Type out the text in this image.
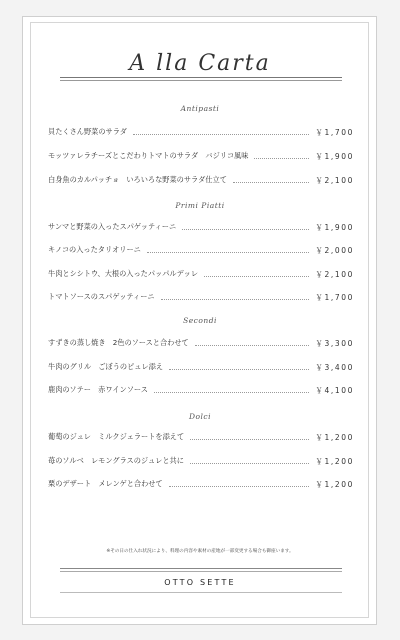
A lla Carta
Antipasti
貝たくさん野菜のサラダ	￥1,700
モッツァレラチーズとこだわりトマトのサラダ　バジリコ風味	￥1,900
白身魚のカルパッチョ　いろいろな野菜のサラダ仕立て	￥2,100
Primi Piatti
サンマと野菜の入ったスパゲッティーニ	￥1,900
キノコの入ったタリオリーニ	￥2,000
牛肉とシシトウ、大根の入ったパッパルデッレ	￥2,100
トマトソースのスパゲッティーニ	￥1,700
Secondi
すずきの蒸し焼き　2色のソースと合わせて	￥3,300
牛肉のグリル　ごぼうのピュレ添え	￥3,400
鹿肉のソテー　赤ワインソース	￥4,100
Dolci
葡萄のジュレ　ミルクジェラートを添えて	￥1,200
苺のソルベ　レモングラスのジュレと共に	￥1,200
栗のデザート　メレンゲと合わせて	￥1,200
※その日の仕入れ状況により、料理の内容や素材の産地が一部変更する場合も御座います。
OTTO SETTE
